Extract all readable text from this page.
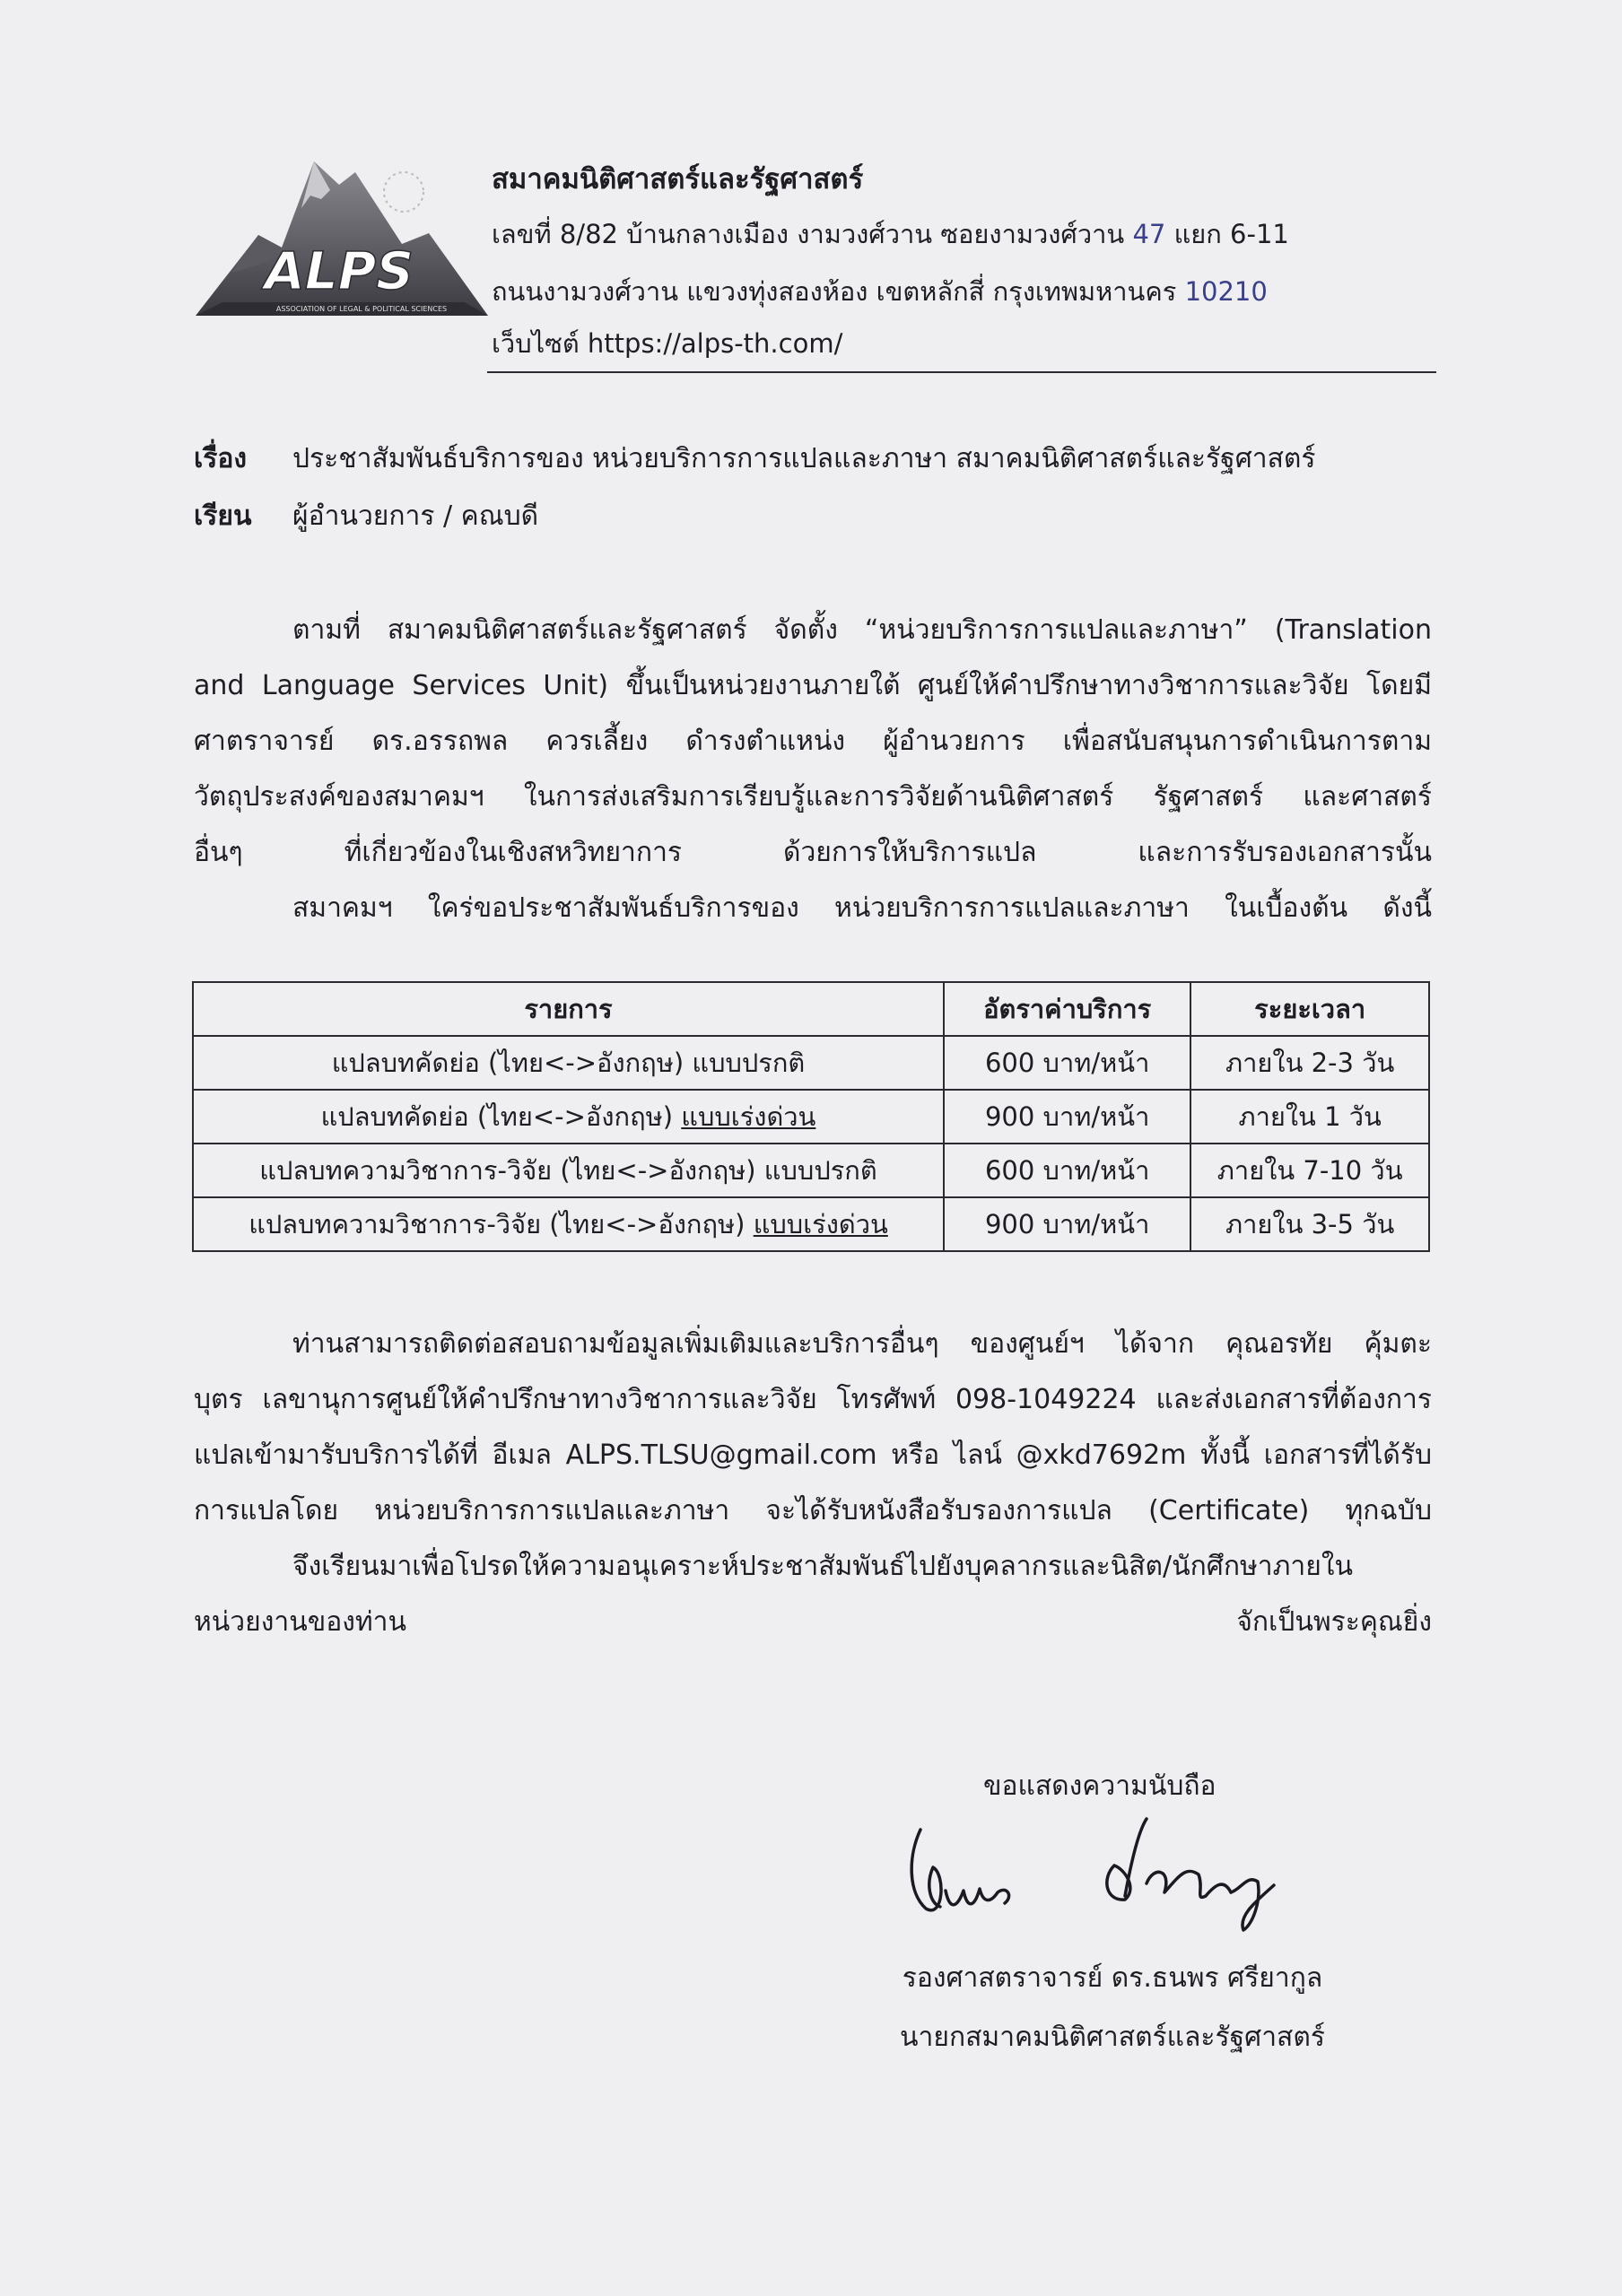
ALPS
ASSOCIATION OF LEGAL & POLITICAL SCIENCES
สมาคมนิติศาสตร์และรัฐศาสตร์
เลขที่ 8/82 บ้านกลางเมือง งามวงศ์วาน ซอยงามวงศ์วาน 47 แยก 6-11
ถนนงามวงศ์วาน แขวงทุ่งสองห้อง เขตหลักสี่ กรุงเทพมหานคร 10210
เว็บไซต์ https://alps-th.com/
เรื่อง ประชาสัมพันธ์บริการของ หน่วยบริการการแปลและภาษา สมาคมนิติศาสตร์และรัฐศาสตร์
เรียน ผู้อำนวยการ / คณบดี
ตามที่ สมาคมนิติศาสตร์และรัฐศาสตร์ จัดตั้ง “หน่วยบริการการแปลและภาษา” (Translation
and Language Services Unit) ขึ้นเป็นหน่วยงานภายใต้ ศูนย์ให้คำปรึกษาทางวิชาการและวิจัย โดยมี
ศาตราจารย์ ดร.อรรถพล ควรเลี้ยง ดำรงตำแหน่ง ผู้อำนวยการ เพื่อสนับสนุนการดำเนินการตาม
วัตถุประสงค์ของสมาคมฯ ในการส่งเสริมการเรียบรู้และการวิจัยด้านนิติศาสตร์ รัฐศาสตร์ และศาสตร์
อื่นๆ ที่เกี่ยวข้องในเชิงสหวิทยาการ ด้วยการให้บริการแปล และการรับรองเอกสารนั้น
สมาคมฯ ใคร่ขอประชาสัมพันธ์บริการของ หน่วยบริการการแปลและภาษา ในเบื้องต้น ดังนี้
รายการ	อัตราค่าบริการ	ระยะเวลา
แปลบทคัดย่อ (ไทย<->อังกฤษ) แบบปรกติ	600 บาท/หน้า	ภายใน 2-3 วัน
แปลบทคัดย่อ (ไทย<->อังกฤษ) แบบเร่งด่วน	900 บาท/หน้า	ภายใน 1 วัน
แปลบทความวิชาการ-วิจัย (ไทย<->อังกฤษ) แบบปรกติ	600 บาท/หน้า	ภายใน 7-10 วัน
แปลบทความวิชาการ-วิจัย (ไทย<->อังกฤษ) แบบเร่งด่วน	900 บาท/หน้า	ภายใน 3-5 วัน
ท่านสามารถติดต่อสอบถามข้อมูลเพิ่มเติมและบริการอื่นๆ ของศูนย์ฯ ได้จาก คุณอรทัย คุ้มตะ
บุตร เลขานุการศูนย์ให้คำปรึกษาทางวิชาการและวิจัย โทรศัพท์ 098-1049224 และส่งเอกสารที่ต้องการ
แปลเข้ามารับบริการได้ที่ อีเมล ALPS.TLSU@gmail.com หรือ ไลน์ @xkd7692m ทั้งนี้ เอกสารที่ได้รับ
การแปลโดย หน่วยบริการการแปลและภาษา จะได้รับหนังสือรับรองการแปล (Certificate) ทุกฉบับ
จึงเรียนมาเพื่อโปรดให้ความอนุเคราะห์ประชาสัมพันธ์ไปยังบุคลากรและนิสิต/นักศึกษาภายใน
หน่วยงานของท่าน จักเป็นพระคุณยิ่ง
ขอแสดงความนับถือ
ธนพร ศรียา
รองศาสตราจารย์ ดร.ธนพร ศรียากูล
นายกสมาคมนิติศาสตร์และรัฐศาสตร์
